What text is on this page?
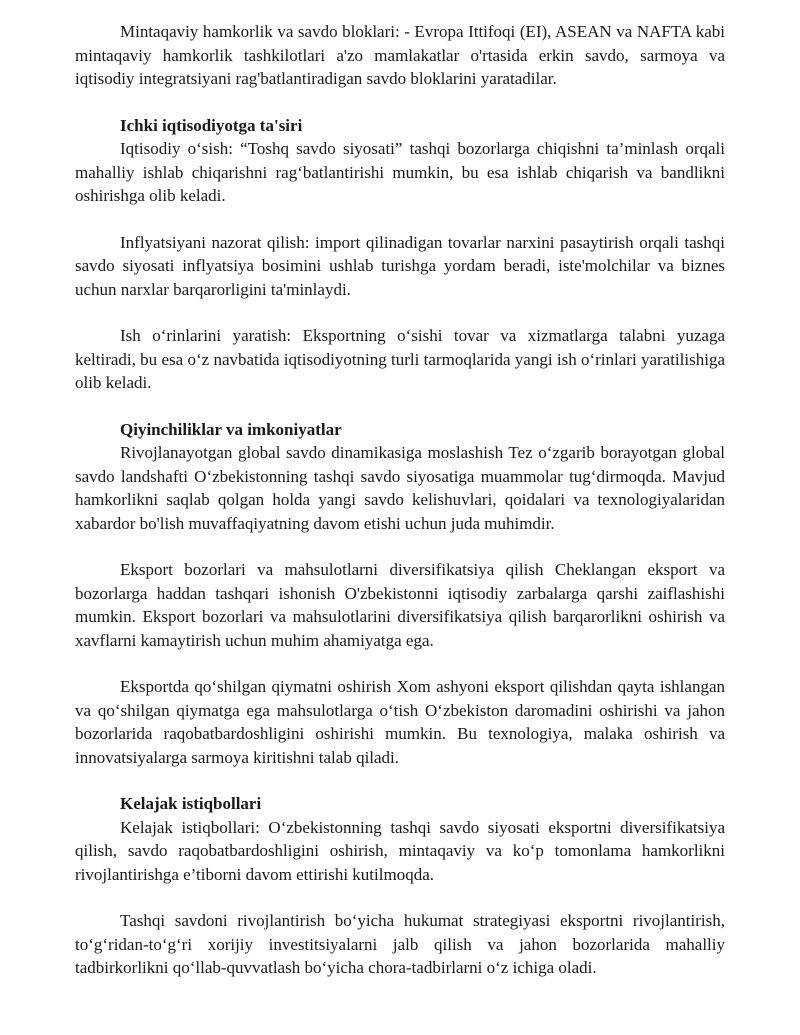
Mintaqaviy hamkorlik va savdo bloklari: - Evropa Ittifoqi (EI), ASEAN va NAFTA kabi mintaqaviy hamkorlik tashkilotlari a'zo mamlakatlar o'rtasida erkin savdo, sarmoya va iqtisodiy integratsiyani rag'batlantiradigan savdo bloklarini yaratadilar.

Ichki iqtisodiyotga ta'siri

Iqtisodiy o‘sish: “Toshq savdo siyosati” tashqi bozorlarga chiqishni ta’minlash orqali mahalliy ishlab chiqarishni rag‘batlantirishi mumkin, bu esa ishlab chiqarish va bandlikni oshirishga olib keladi.

Inflyatsiyani nazorat qilish: import qilinadigan tovarlar narxini pasaytirish orqali tashqi savdo siyosati inflyatsiya bosimini ushlab turishga yordam beradi, iste'molchilar va biznes uchun narxlar barqarorligini ta'minlaydi.

Ish o‘rinlarini yaratish: Eksportning o‘sishi tovar va xizmatlarga talabni yuzaga keltiradi, bu esa o‘z navbatida iqtisodiyotning turli tarmoqlarida yangi ish o‘rinlari yaratilishiga olib keladi.

Qiyinchiliklar va imkoniyatlar

Rivojlanayotgan global savdo dinamikasiga moslashish Tez o‘zgarib borayotgan global savdo landshafti O‘zbekistonning tashqi savdo siyosatiga muammolar tug‘dirmoqda. Mavjud hamkorlikni saqlab qolgan holda yangi savdo kelishuvlari, qoidalari va texnologiyalaridan xabardor bo'lish muvaffaqiyatning davom etishi uchun juda muhimdir.

Eksport bozorlari va mahsulotlarni diversifikatsiya qilish Cheklangan eksport va bozorlarga haddan tashqari ishonish O'zbekistonni iqtisodiy zarbalarga qarshi zaiflashishi mumkin. Eksport bozorlari va mahsulotlarini diversifikatsiya qilish barqarorlikni oshirish va xavflarni kamaytirish uchun muhim ahamiyatga ega.

Eksportda qo‘shilgan qiymatni oshirish Xom ashyoni eksport qilishdan qayta ishlangan va qo‘shilgan qiymatga ega mahsulotlarga o‘tish O‘zbekiston daromadini oshirishi va jahon bozorlarida raqobatbardoshligini oshirishi mumkin. Bu texnologiya, malaka oshirish va innovatsiyalarga sarmoya kiritishni talab qiladi.

Kelajak istiqbollari

Kelajak istiqbollari: O‘zbekistonning tashqi savdo siyosati eksportni diversifikatsiya qilish, savdo raqobatbardoshligini oshirish, mintaqaviy va ko‘p tomonlama hamkorlikni rivojlantirishga e’tiborni davom ettirishi kutilmoqda.

Tashqi savdoni rivojlantirish bo‘yicha hukumat strategiyasi eksportni rivojlantirish, to‘g‘ridan-to‘g‘ri xorijiy investitsiyalarni jalb qilish va jahon bozorlarida mahalliy tadbirkorlikni qo‘llab-quvvatlash bo‘yicha chora-tadbirlarni o‘z ichiga oladi.
